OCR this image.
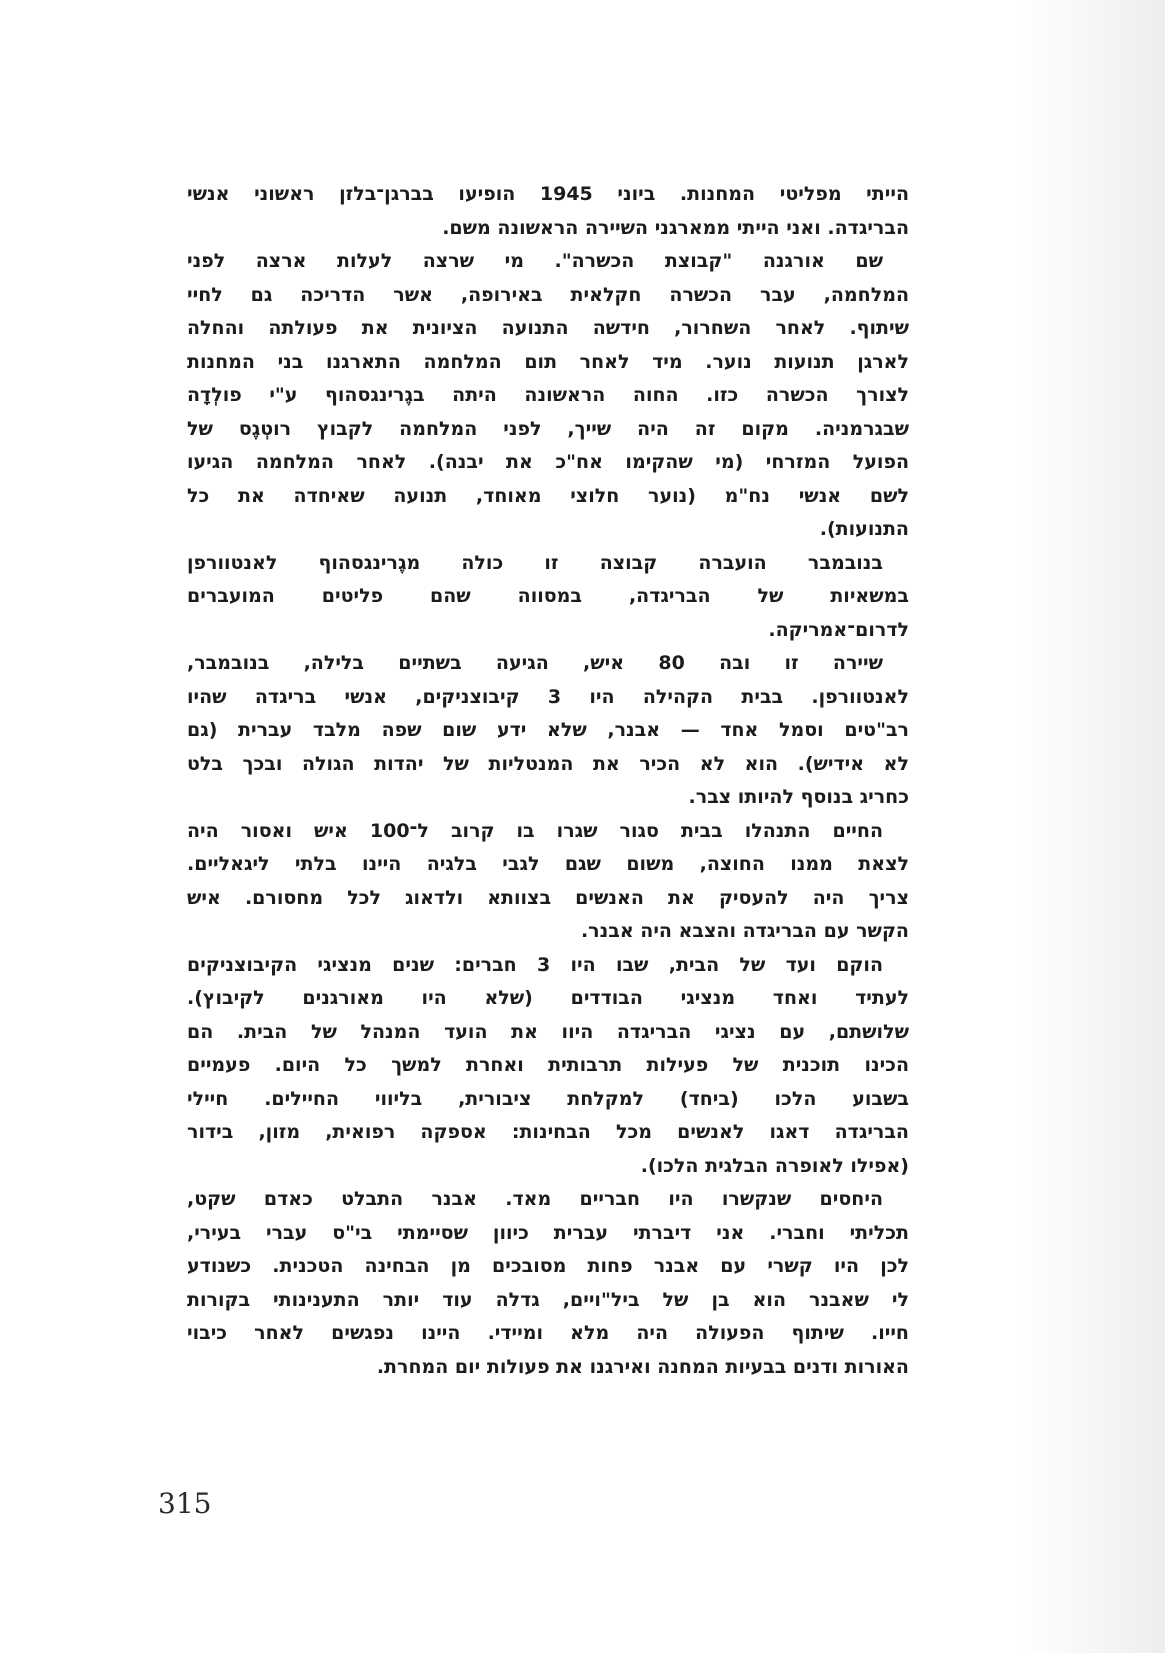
הייתי מפליטי המחנות. ביוני 1945 הופיעו בברגן־בלזן ראשוני אנשי
הבריגדה. ואני הייתי ממארגני השיירה הראשונה משם.

שם אורגנה "קבוצת הכשרה". מי שרצה לעלות ארצה לפני
המלחמה, עבר הכשרה חקלאית באירופה, אשר הדריכה גם לחיי
שיתוף. לאחר השחרור, חידשה התנועה הציונית את פעולתה והחלה
לארגן תנועות נוער. מיד לאחר תום המלחמה התארגנו בני המחנות
לצורך הכשרה כזו. החוה הראשונה היתה בגֶרינגסהוף ע"י פולְדָה
שבגרמניה. מקום זה היה שייך, לפני המלחמה לקבוץ רוטְגֶס של
הפועל המזרחי (מי שהקימו אח"כ את יבנה). לאחר המלחמה הגיעו
לשם אנשי נח"מ (נוער חלוצי מאוחד, תנועה שאיחדה את כל
התנועות).

בנובמבר הועברה קבוצה זו כולה מגֶרינגסהוף לאנטוורפן
במשאיות של הבריגדה, במסווה שהם פליטים המועברים
לדרום־אמריקה.

שיירה זו ובה 80 איש, הגיעה בשתיים בלילה, בנובמבר,
לאנטוורפן. בבית הקהילה היו 3 קיבוצניקים, אנשי בריגדה שהיו
רב"טים וסמל אחד — אבנר, שלא ידע שום שפה מלבד עברית (גם
לא אידיש). הוא לא הכיר את המנטליות של יהדות הגולה ובכך בלט
כחריג בנוסף להיותו צבר.

החיים התנהלו בבית סגור שגרו בו קרוב ל־100 איש ואסור היה
לצאת ממנו החוצה, משום שגם לגבי בלגיה היינו בלתי ליגאליים.
צריך היה להעסיק את האנשים בצוותא ולדאוג לכל מחסורם. איש
הקשר עם הבריגדה והצבא היה אבנר.

הוקם ועד של הבית, שבו היו 3 חברים: שנים מנציגי הקיבוצניקים
לעתיד ואחד מנציגי הבודדים (שלא היו מאורגנים לקיבוץ).
שלושתם, עם נציגי הבריגדה היוו את הועד המנהל של הבית. הם
הכינו תוכנית של פעילות תרבותית ואחרת למשך כל היום. פעמיים
בשבוע הלכו (ביחד) למקלחת ציבורית, בליווי החיילים. חיילי
הבריגדה דאגו לאנשים מכל הבחינות: אספקה רפואית, מזון, בידור
(אפילו לאופרה הבלגית הלכו).

היחסים שנקשרו היו חבריים מאד. אבנר התבלט כאדם שקט,
תכליתי וחברי. אני דיברתי עברית כיוון שסיימתי בי"ס עברי בעירי,
לכן היו קשרי עם אבנר פחות מסובכים מן הבחינה הטכנית. כשנודע
לי שאבנר הוא בן של ביל"ויים, גדלה עוד יותר התענינותי בקורות
חייו. שיתוף הפעולה היה מלא ומיידי. היינו נפגשים לאחר כיבוי
האורות ודנים בבעיות המחנה ואירגנו את פעולות יום המחרת.

315
